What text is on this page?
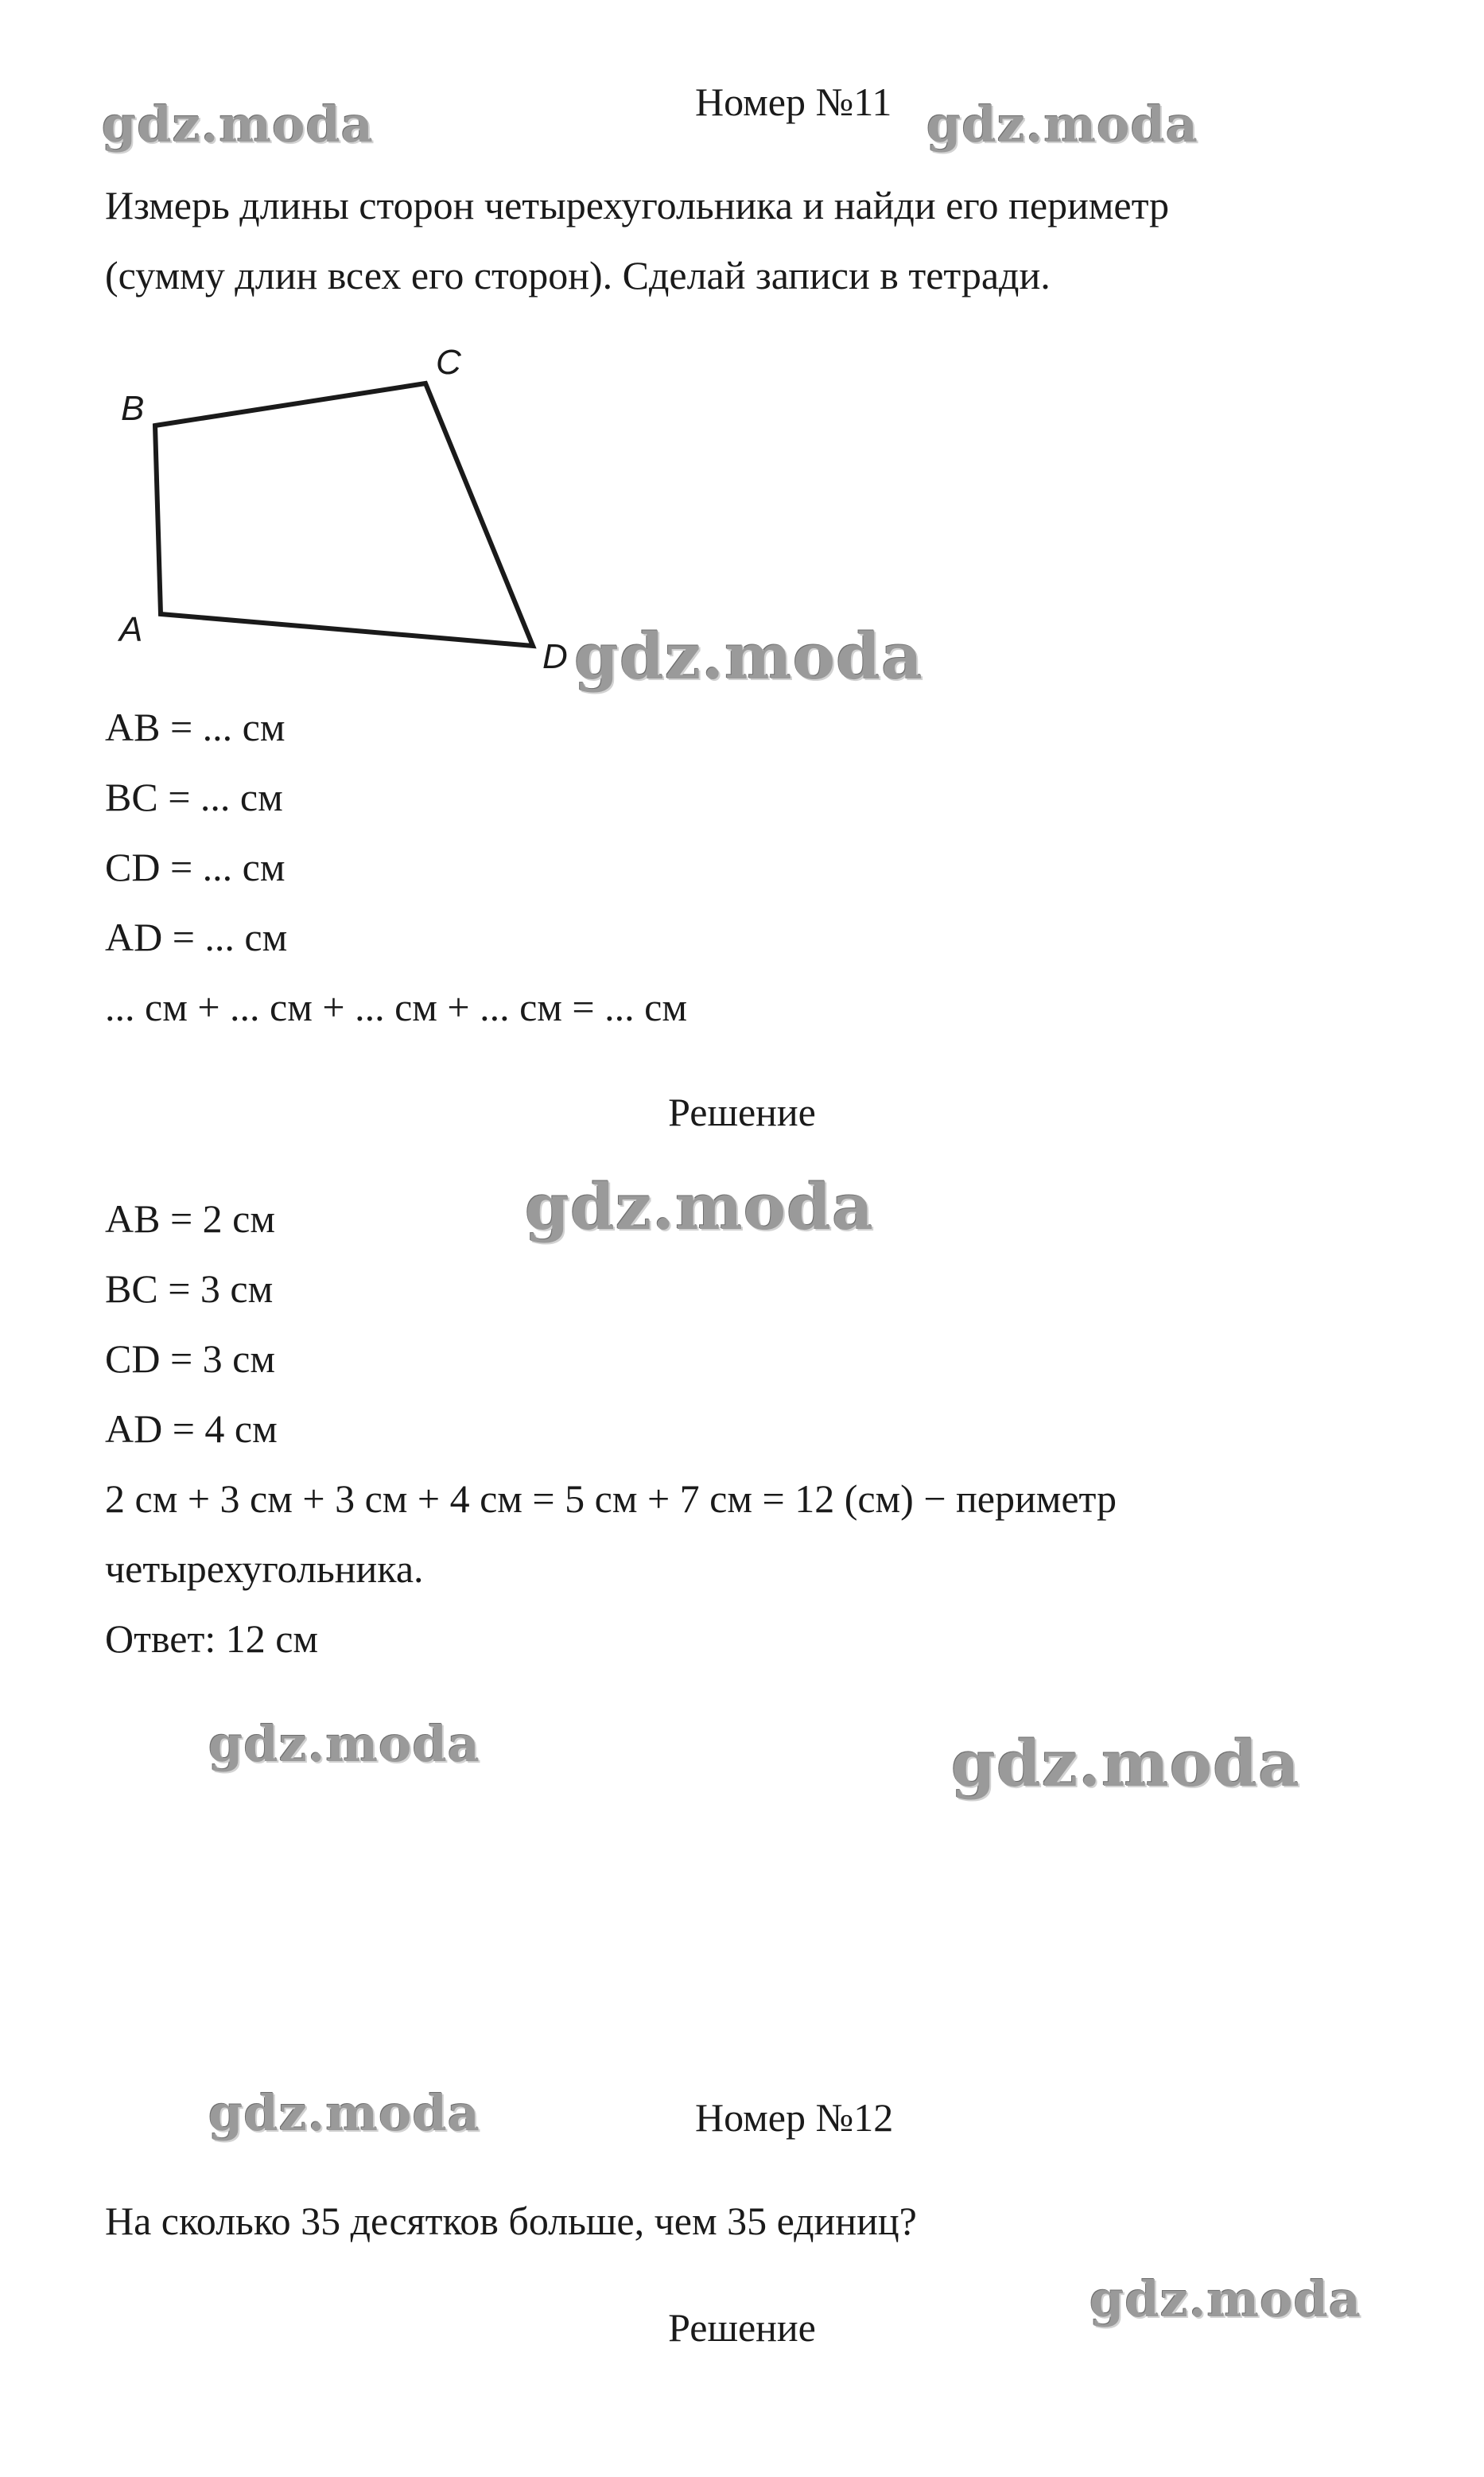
gdz.moda	gdz.moda
gdz.moda
gdz.moda
gdz.moda	gdz.moda
gdz.moda
gdz.moda
Номер №11
Измерь длины сторон четырехугольника и найди его периметр
(сумму длин всех его сторон). Сделай записи в тетради.
B
C
A
D
AB = ... см
BC = ... см
CD = ... см
AD = ... см
... см + ... см + ... см + ... см = ... см
Решение
AB = 2 см
BC = 3 см
CD = 3 см
AD = 4 см
2 см + 3 см + 3 см + 4 см = 5 см + 7 см = 12 (см) − периметр
четырехугольника.
Ответ: 12 см
Номер №12
На сколько 35 десятков больше, чем 35 единиц?
Решение
